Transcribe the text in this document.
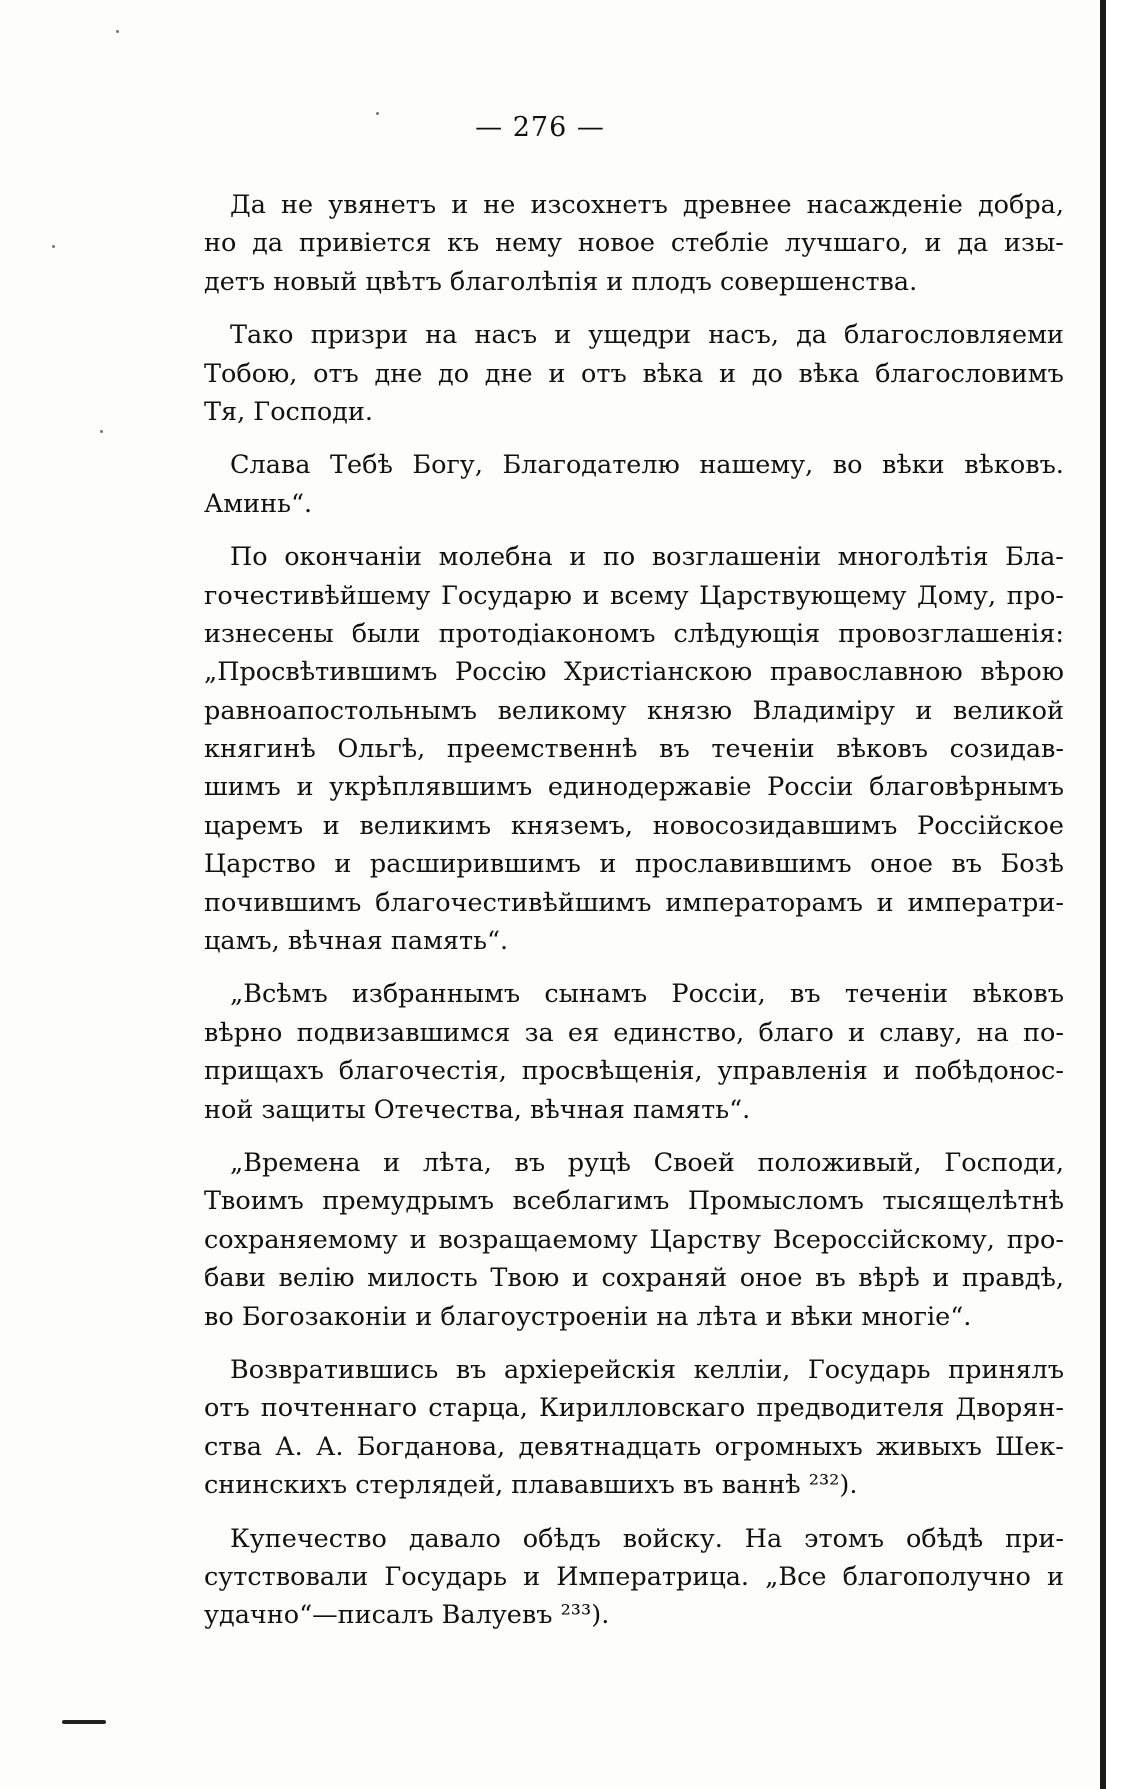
— 276 —
Да не увянетъ и не изсохнетъ древнее насажденіе добра,
но да привіется къ нему новое стебліе лучшаго, и да изы-
детъ новый цвѣтъ благолѣпія и плодъ совершенства.
Тако призри на насъ и ущедри насъ, да благословляеми
Тобою, отъ дне до дне и отъ вѣка и до вѣка благословимъ
Тя, Господи.
Слава Тебѣ Богу, Благодателю нашему, во вѣки вѣковъ.
Аминь“.
По окончаніи молебна и по возглашеніи многолѣтія Бла-
гочестивѣйшему Государю и всему Царствующему Дому, про-
изнесены были протодіакономъ слѣдующія провозглашенія:
„Просвѣтившимъ Россію Христіанскою православною вѣрою
равноапостольнымъ великому князю Владиміру и великой
княгинѣ Ольгѣ, преемственнѣ въ теченіи вѣковъ созидав-
шимъ и укрѣплявшимъ единодержавіе Россіи благовѣрнымъ
царемъ и великимъ княземъ, новосозидавшимъ Россійское
Царство и расширившимъ и прославившимъ оное въ Бозѣ
почившимъ благочестивѣйшимъ императорамъ и императри-
цамъ, вѣчная память“.
„Всѣмъ избраннымъ сынамъ Россіи, въ теченіи вѣковъ
вѣрно подвизавшимся за ея единство, благо и славу, на по-
прищахъ благочестія, просвѣщенія, управленія и побѣдонос-
ной защиты Отечества, вѣчная память“.
„Времена и лѣта, въ руцѣ Своей положивый, Господи,
Твоимъ премудрымъ всеблагимъ Промысломъ тысящелѣтнѣ
сохраняемому и возращаемому Царству Всероссійскому, про-
бави велію милость Твою и сохраняй оное въ вѣрѣ и правдѣ,
во Богозаконіи и благоустроеніи на лѣта и вѣки многіе“.
Возвратившись въ архіерейскія келліи, Государь принялъ
отъ почтеннаго старца, Кирилловскаго предводителя Дворян-
ства А. А. Богданова, девятнадцать огромныхъ живыхъ Шек-
снинскихъ стерлядей, плававшихъ въ ваннѣ ²³²).
Купечество давало обѣдъ войску. На этомъ обѣдѣ при-
сутствовали Государь и Императрица. „Все благополучно и
удачно“—писалъ Валуевъ ²³³).
